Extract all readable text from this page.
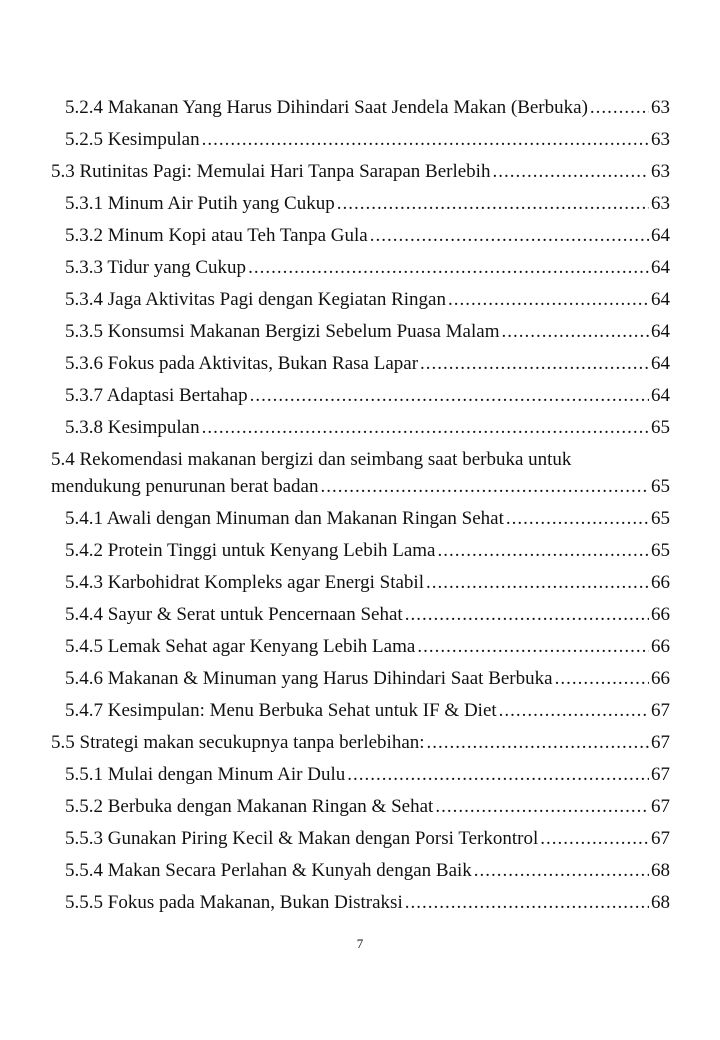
5.2.4 Makanan Yang Harus Dihindari Saat Jendela Makan (Berbuka) .....	63
5.2.5 Kesimpulan .....	63
5.3 Rutinitas Pagi: Memulai Hari Tanpa Sarapan Berlebih .....	63
5.3.1 Minum Air Putih yang Cukup .....	63
5.3.2 Minum Kopi atau Teh Tanpa Gula .....	64
5.3.3 Tidur yang Cukup .....	64
5.3.4 Jaga Aktivitas Pagi dengan Kegiatan Ringan .....	64
5.3.5 Konsumsi Makanan Bergizi Sebelum Puasa Malam .....	64
5.3.6 Fokus pada Aktivitas, Bukan Rasa Lapar .....	64
5.3.7 Adaptasi Bertahap .....	64
5.3.8 Kesimpulan .....	65
5.4 Rekomendasi makanan bergizi dan seimbang saat berbuka untuk
mendukung penurunan berat badan .....	65
5.4.1 Awali dengan Minuman dan Makanan Ringan Sehat .....	65
5.4.2 Protein Tinggi untuk Kenyang Lebih Lama .....	65
5.4.3 Karbohidrat Kompleks agar Energi Stabil .....	66
5.4.4 Sayur & Serat untuk Pencernaan Sehat .....	66
5.4.5 Lemak Sehat agar Kenyang Lebih Lama .....	66
5.4.6 Makanan & Minuman yang Harus Dihindari Saat Berbuka .....	66
5.4.7 Kesimpulan: Menu Berbuka Sehat untuk IF & Diet .....	67
5.5 Strategi makan secukupnya tanpa berlebihan: .....	67
5.5.1 Mulai dengan Minum Air Dulu .....	67
5.5.2 Berbuka dengan Makanan Ringan & Sehat .....	67
5.5.3 Gunakan Piring Kecil & Makan dengan Porsi Terkontrol .....	67
5.5.4 Makan Secara Perlahan & Kunyah dengan Baik .....	68
5.5.5 Fokus pada Makanan, Bukan Distraksi .....	68
7
